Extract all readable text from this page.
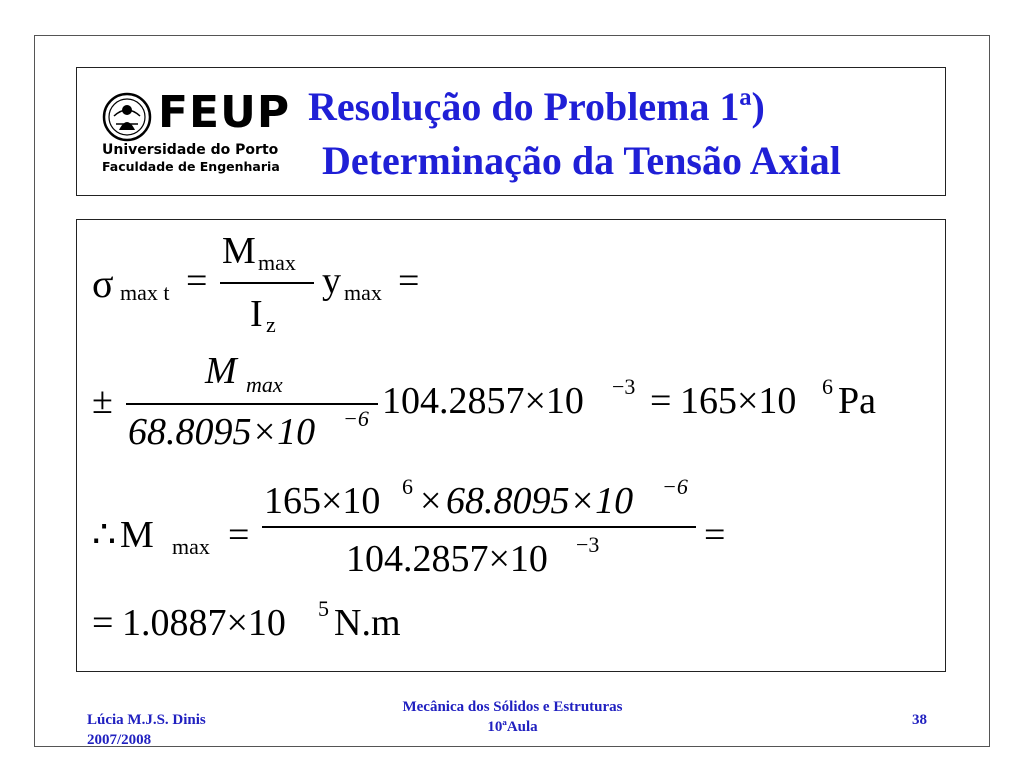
FEUP
Universidade do Porto
Faculdade de Engenharia
Resolução do Problema 1ª)
Determinação da Tensão Axial
σ max t =
M max
I z
y max =
±
M max
68.8095×10 −6 104.2857×10 −3 = 165×10 6 Pa
∴ M max =
165×10 6 × 68.8095×10 −6
104.2857×10 −3	=
= 1.0887×10 5 N.m
Lúcia M.J.S. Dinis
2007/2008
Mecânica dos Sólidos e Estruturas
10ªAula	38
